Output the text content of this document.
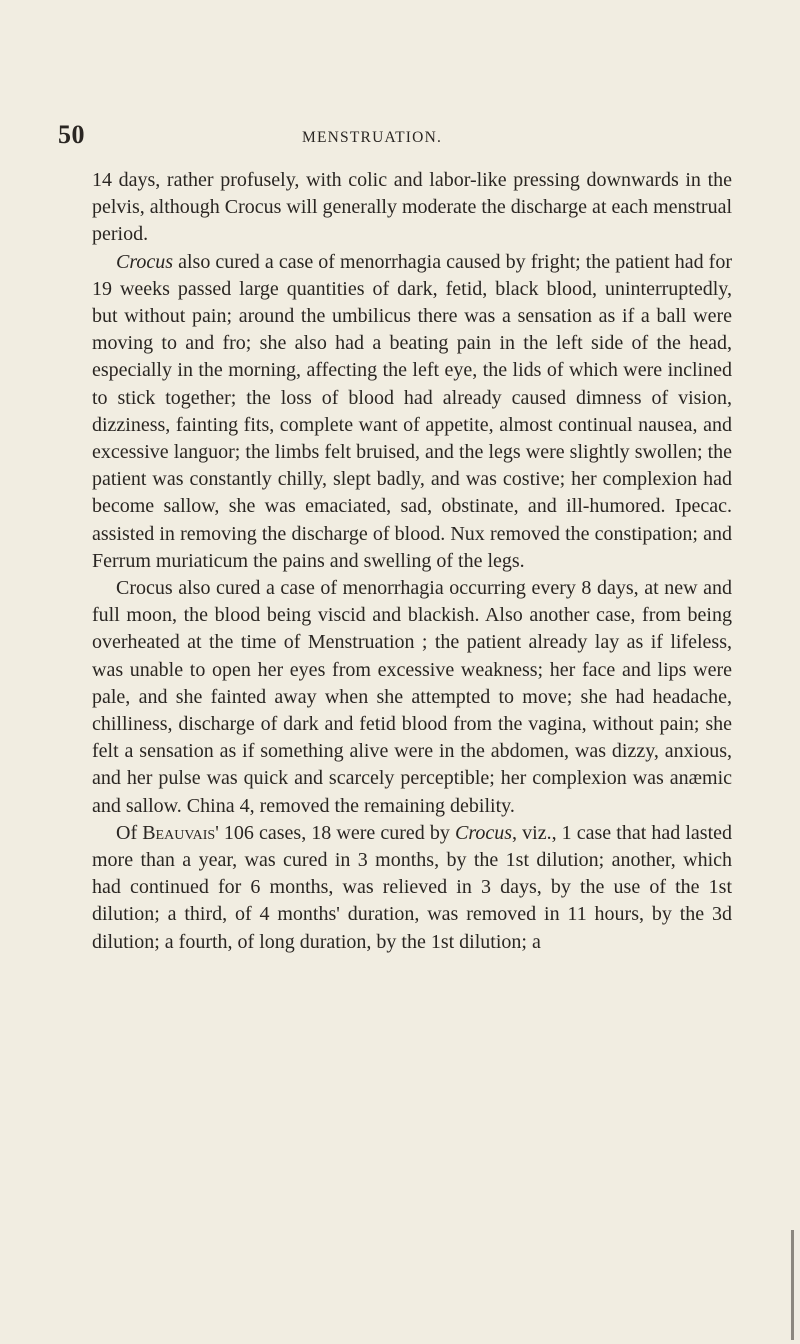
50	MENSTRUATION.

14 days, rather profusely, with colic and labor-like pressing downwards in the pelvis, although Crocus will generally moderate the discharge at each menstrual period.

Crocus also cured a case of menorrhagia caused by fright; the patient had for 19 weeks passed large quantities of dark, fetid, black blood, uninterruptedly, but without pain; around the umbilicus there was a sensation as if a ball were moving to and fro; she also had a beating pain in the left side of the head, especially in the morning, affecting the left eye, the lids of which were inclined to stick together; the loss of blood had already caused dimness of vision, dizziness, fainting fits, complete want of appetite, almost continual nausea, and excessive languor; the limbs felt bruised, and the legs were slightly swollen; the patient was constantly chilly, slept badly, and was costive; her complexion had become sallow, she was emaciated, sad, obstinate, and ill-humored. Ipecac. assisted in removing the discharge of blood. Nux removed the constipation; and Ferrum muriaticum the pains and swelling of the legs.

Crocus also cured a case of menorrhagia occurring every 8 days, at new and full moon, the blood being viscid and blackish. Also another case, from being overheated at the time of Menstruation ; the patient already lay as if lifeless, was unable to open her eyes from excessive weakness; her face and lips were pale, and she fainted away when she attempted to move; she had headache, chilliness, discharge of dark and fetid blood from the vagina, without pain; she felt a sensation as if something alive were in the abdomen, was dizzy, anxious, and her pulse was quick and scarcely perceptible; her complexion was anæmic and sallow. China 4, removed the remaining debility.

Of Beauvais' 106 cases, 18 were cured by Crocus, viz., 1 case that had lasted more than a year, was cured in 3 months, by the 1st dilution; another, which had continued for 6 months, was relieved in 3 days, by the use of the 1st dilution; a third, of 4 months' duration, was removed in 11 hours, by the 3d dilution; a fourth, of long duration, by the 1st dilution; a
